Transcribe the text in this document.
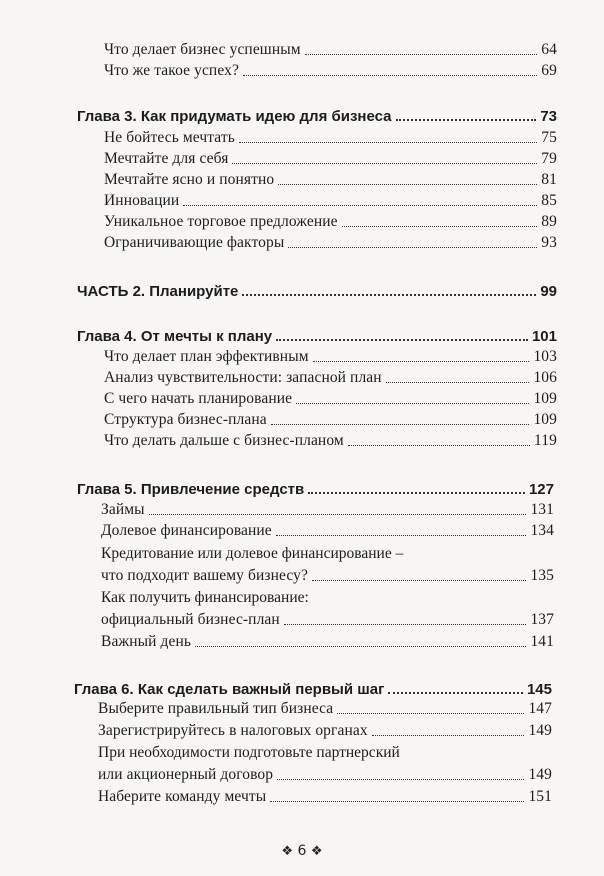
Что делает бизнес успешным	64
Что же такое успех?	69
Глава 3. Как придумать идею для бизнеса	73
Не бойтесь мечтать	75
Мечтайте для себя	79
Мечтайте ясно и понятно	81
Инновации	85
Уникальное торговое предложение	89
Ограничивающие факторы	93
ЧАСТЬ 2. Планируйте	99
Глава 4. От мечты к плану	101
Что делает план эффективным	103
Анализ чувствительности: запасной план	106
С чего начать планирование	109
Структура бизнес-плана	109
Что делать дальше с бизнес-планом	119
Глава 5. Привлечение средств	127
Займы	131
Долевое финансирование	134
Кредитование или долевое финансирование –
что подходит вашему бизнесу?	135
Как получить финансирование:
официальный бизнес-план	137
Важный день	141
Глава 6. Как сделать важный первый шаг	145
Выберите правильный тип бизнеса	147
Зарегистрируйтесь в налоговых органах	149
При необходимости подготовьте партнерский
или акционерный договор	149
Наберите команду мечты	151
❖ 6 ❖
